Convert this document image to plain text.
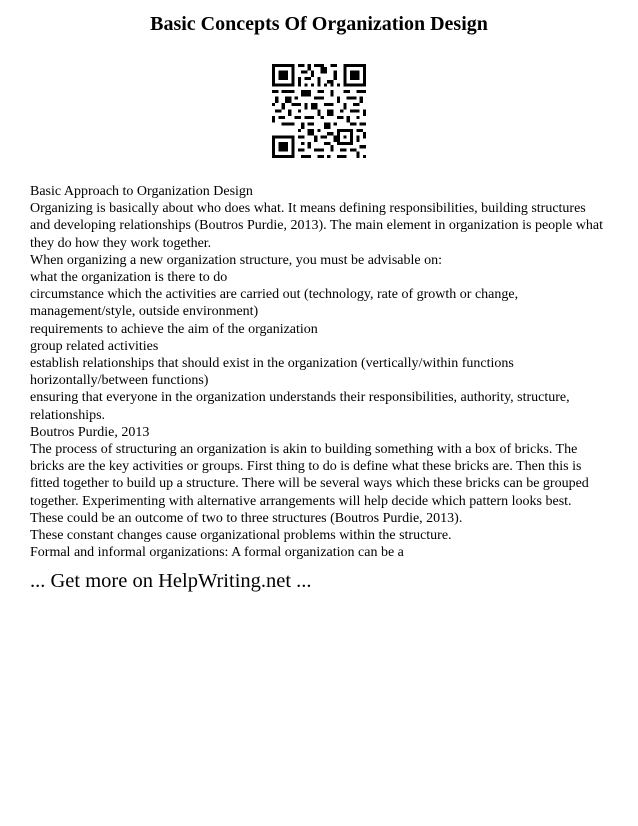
Basic Concepts Of Organization Design
Basic Approach to Organization Design
Organizing is basically about who does what. It means defining responsibilities, building structures
and developing relationships (Boutros Purdie, 2013). The main element in organization is people what
they do how they work together.
When organizing a new organization structure, you must be advisable on:
what the organization is there to do
circumstance which the activities are carried out (technology, rate of growth or change,
management/style, outside environment)
requirements to achieve the aim of the organization
group related activities
establish relationships that should exist in the organization (vertically/within functions
horizontally/between functions)
ensuring that everyone in the organization understands their responsibilities, authority, structure,
relationships.
Boutros Purdie, 2013
The process of structuring an organization is akin to building something with a box of bricks. The
bricks are the key activities or groups. First thing to do is define what these bricks are. Then this is
fitted together to build up a structure. There will be several ways which these bricks can be grouped
together. Experimenting with alternative arrangements will help decide which pattern looks best.
These could be an outcome of two to three structures (Boutros Purdie, 2013).
These constant changes cause organizational problems within the structure.
Formal and informal organizations: A formal organization can be a
... Get more on HelpWriting.net ...
